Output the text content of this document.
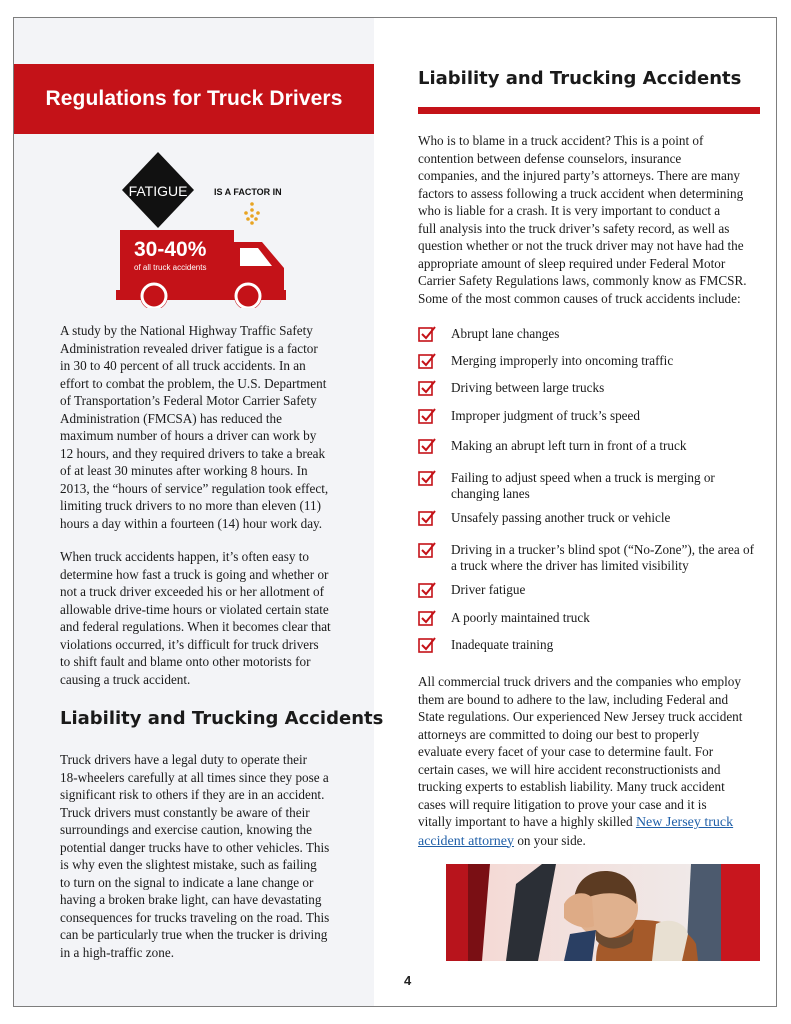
Regulations for Truck Drivers
FATIGUE	IS A FACTOR IN
30-40%
of all truck accidents

A study by the National Highway Traffic Safety
Administration revealed driver fatigue is a factor
in 30 to 40 percent of all truck accidents. In an
effort to combat the problem, the U.S. Department
of Transportation’s Federal Motor Carrier Safety
Administration (FMCSA) has reduced the
maximum number of hours a driver can work by
12 hours, and they required drivers to take a break
of at least 30 minutes after working 8 hours. In
2013, the “hours of service” regulation took effect,
limiting truck drivers to no more than eleven (11)
hours a day within a fourteen (14) hour work day.

When truck accidents happen, it’s often easy to
determine how fast a truck is going and whether or
not a truck driver exceeded his or her allotment of
allowable drive-time hours or violated certain state
and federal regulations. When it becomes clear that
violations occurred, it’s difficult for truck drivers
to shift fault and blame onto other motorists for
causing a truck accident.

Liability and Trucking Accidents

Truck drivers have a legal duty to operate their
18-wheelers carefully at all times since they pose a
significant risk to others if they are in an accident.
Truck drivers must constantly be aware of their
surroundings and exercise caution, knowing the
potential danger trucks have to other vehicles. This
is why even the slightest mistake, such as failing
to turn on the signal to indicate a lane change or
having a broken brake light, can have devastating
consequences for trucks traveling on the road. This
can be particularly true when the trucker is driving
in a high-traffic zone.

Liability and Trucking Accidents

Who is to blame in a truck accident? This is a point of
contention between defense counselors, insurance
companies, and the injured party’s attorneys. There are many
factors to assess following a truck accident when determining
who is liable for a crash. It is very important to conduct a
full analysis into the truck driver’s safety record, as well as
question whether or not the truck driver may not have had the
appropriate amount of sleep required under Federal Motor
Carrier Safety Regulations laws, commonly know as FMCSR.
Some of the most common causes of truck accidents include:

Abrupt lane changes
Merging improperly into oncoming traffic
Driving between large trucks
Improper judgment of truck’s speed
Making an abrupt left turn in front of a truck
Failing to adjust speed when a truck is merging or
changing lanes
Unsafely passing another truck or vehicle
Driving in a trucker’s blind spot (“No-Zone”), the area of
a truck where the driver has limited visibility
Driver fatigue
A poorly maintained truck
Inadequate training

All commercial truck drivers and the companies who employ
them are bound to adhere to the law, including Federal and
State regulations. Our experienced New Jersey truck accident
attorneys are committed to doing our best to properly
evaluate every facet of your case to determine fault. For
certain cases, we will hire accident reconstructionists and
trucking experts to establish liability. Many truck accident
cases will require litigation to prove your case and it is
vitally important to have a highly skilled New Jersey truck
accident attorney on your side.

4
